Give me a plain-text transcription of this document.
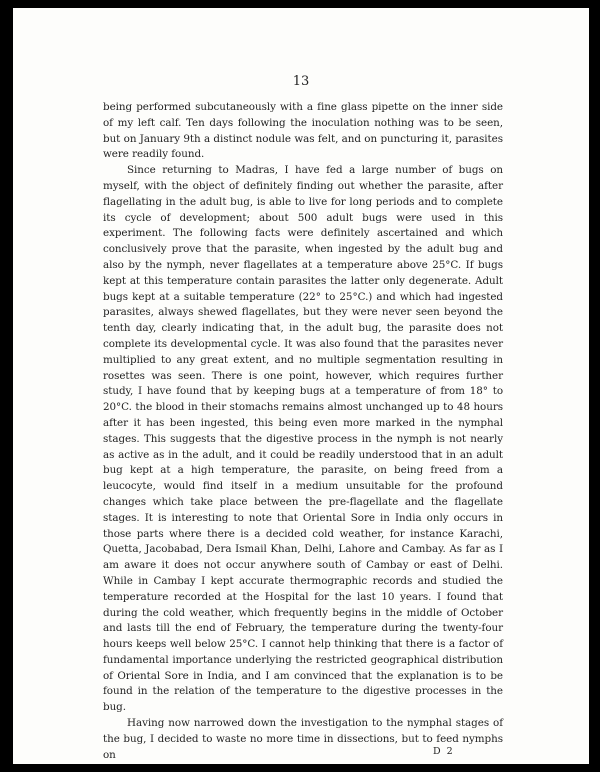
13

being performed subcutaneously with a fine glass pipette on the inner side of my left calf. Ten days following the inoculation nothing was to be seen, but on January 9th a distinct nodule was felt, and on puncturing it, parasites were readily found.

Since returning to Madras, I have fed a large number of bugs on myself, with the object of definitely finding out whether the parasite, after flagellating in the adult bug, is able to live for long periods and to complete its cycle of development; about 500 adult bugs were used in this experiment. The following facts were definitely ascertained and which conclusively prove that the parasite, when ingested by the adult bug and also by the nymph, never flagellates at a temperature above 25°C. If bugs kept at this temperature contain parasites the latter only degenerate. Adult bugs kept at a suitable temperature (22° to 25°C.) and which had ingested parasites, always shewed flagellates, but they were never seen beyond the tenth day, clearly indicating that, in the adult bug, the parasite does not complete its developmental cycle. It was also found that the parasites never multiplied to any great extent, and no multiple segmentation resulting in rosettes was seen. There is one point, however, which requires further study, I have found that by keeping bugs at a temperature of from 18° to 20°C. the blood in their stomachs remains almost unchanged up to 48 hours after it has been ingested, this being even more marked in the nymphal stages. This suggests that the digestive process in the nymph is not nearly as active as in the adult, and it could be readily understood that in an adult bug kept at a high temperature, the parasite, on being freed from a leucocyte, would find itself in a medium unsuitable for the profound changes which take place between the pre-flagellate and the flagellate stages. It is interesting to note that Oriental Sore in India only occurs in those parts where there is a decided cold weather, for instance Karachi, Quetta, Jacobabad, Dera Ismail Khan, Delhi, Lahore and Cambay. As far as I am aware it does not occur anywhere south of Cambay or east of Delhi. While in Cambay I kept accurate thermographic records and studied the temperature recorded at the Hospital for the last 10 years. I found that during the cold weather, which frequently begins in the middle of October and lasts till the end of February, the temperature during the twenty-four hours keeps well below 25°C. I cannot help thinking that there is a factor of fundamental importance underlying the restricted geographical distribution of Oriental Sore in India, and I am convinced that the explanation is to be found in the relation of the temperature to the digestive processes in the bug.

Having now narrowed down the investigation to the nymphal stages of the bug, I decided to waste no more time in dissections, but to feed nymphs on	D 2
